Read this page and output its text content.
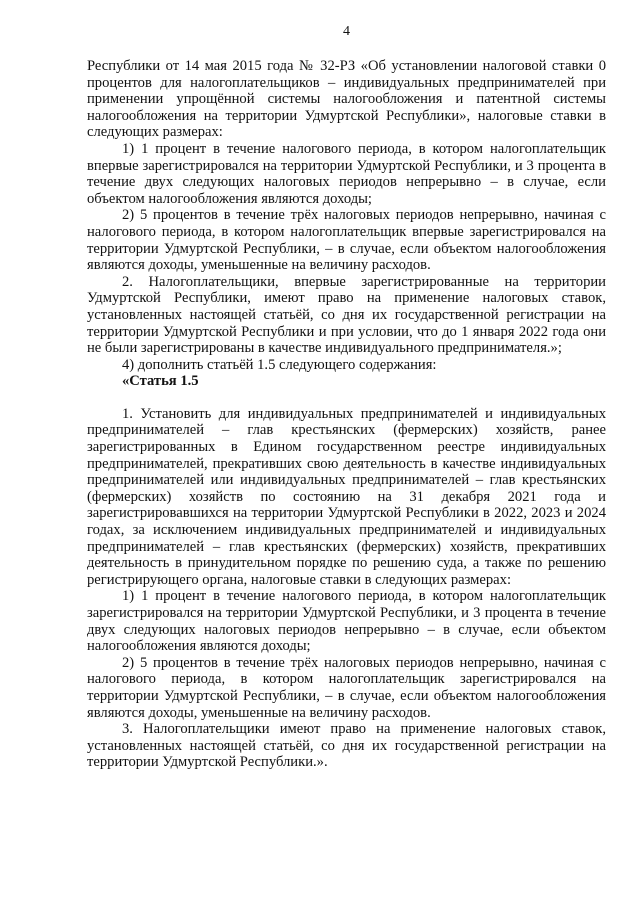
4

Республики от 14 мая 2015 года № 32-РЗ «Об установлении налоговой ставки 0 процентов для налогоплательщиков – индивидуальных предпринимателей при применении упрощённой системы налогообложения и патентной системы налогообложения на территории Удмуртской Республики», налоговые ставки в следующих размерах:

1) 1 процент в течение налогового периода, в котором налогоплательщик впервые зарегистрировался на территории Удмуртской Республики, и 3 процента в течение двух следующих налоговых периодов непрерывно – в случае, если объектом налогообложения являются доходы;

2) 5 процентов в течение трёх налоговых периодов непрерывно, начиная с налогового периода, в котором налогоплательщик впервые зарегистрировался на территории Удмуртской Республики, – в случае, если объектом налогообложения являются доходы, уменьшенные на величину расходов.

2. Налогоплательщики, впервые зарегистрированные на территории Удмуртской Республики, имеют право на применение налоговых ставок, установленных настоящей статьёй, со дня их государственной регистрации на территории Удмуртской Республики и при условии, что до 1 января 2022 года они не были зарегистрированы в качестве индивидуального предпринимателя.»;

4) дополнить статьёй 1.5 следующего содержания:

«Статья 1.5

1. Установить для индивидуальных предпринимателей и индивидуальных предпринимателей – глав крестьянских (фермерских) хозяйств, ранее зарегистрированных в Едином государственном реестре индивидуальных предпринимателей, прекративших свою деятельность в качестве индивидуальных предпринимателей или индивидуальных предпринимателей – глав крестьянских (фермерских) хозяйств по состоянию на 31 декабря 2021 года и зарегистрировавшихся на территории Удмуртской Республики в 2022, 2023 и 2024 годах, за исключением индивидуальных предпринимателей и индивидуальных предпринимателей – глав крестьянских (фермерских) хозяйств, прекративших деятельность в принудительном порядке по решению суда, а также по решению регистрирующего органа, налоговые ставки в следующих размерах:

1) 1 процент в течение налогового периода, в котором налогоплательщик зарегистрировался на территории Удмуртской Республики, и 3 процента в течение двух следующих налоговых периодов непрерывно – в случае, если объектом налогообложения являются доходы;

2) 5 процентов в течение трёх налоговых периодов непрерывно, начиная с налогового периода, в котором налогоплательщик зарегистрировался на территории Удмуртской Республики, – в случае, если объектом налогообложения являются доходы, уменьшенные на величину расходов.

3. Налогоплательщики имеют право на применение налоговых ставок, установленных настоящей статьёй, со дня их государственной регистрации на территории Удмуртской Республики.».
